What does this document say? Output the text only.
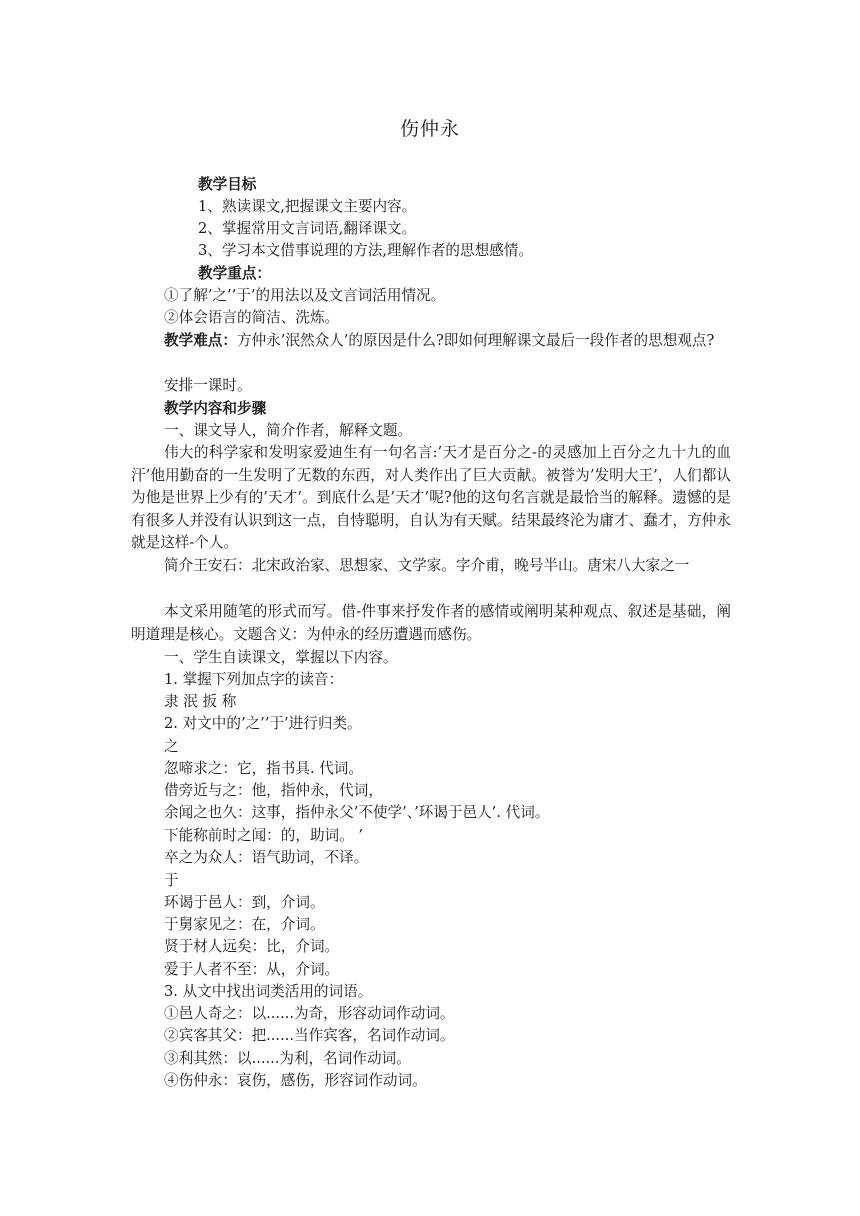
伤仲永
教学目标
1、熟读课文,把握课文主要内容。
2、掌握常用文言词语,翻译课文。
3、学习本文借事说理的方法,理解作者的思想感情。
教学重点：
①了解’之’’于’的用法以及文言词活用情况。
②体会语言的简洁、洗炼。

教学难点：方仲永’泯然众人’的原因是什么?即如何理解课文最后一段作者的思想观点?

安排一课时。
教学内容和步骤
一、课文导人，简介作者，解释文题。

伟大的科学家和发明家爱迪生有一句名言:’天才是百分之-的灵感加上百分之九十九的血汗’他用勤奋的一生发明了无数的东西，对人类作出了巨大贡献。被誉为’发明大王’，人们都认为他是世界上少有的’天才’。到底什么是’天才’呢?他的这句名言就是最恰当的解释。遗憾的是有很多人并没有认识到这一点，自恃聪明，自认为有天赋。结果最终沦为庸才、蠢才，方仲永就是这样-个人。

简介王安石：北宋政治家、思想家、文学家。字介甫，晚号半山。唐宋八大家之一

本文采用随笔的形式而写。借-件事来抒发作者的感情或阐明某种观点、叙述是基础，阐明道理是核心。文题含义：为仲永的经历遭遇而感伤。

一、学生自读课文，掌握以下内容。
1. 掌握下列加点字的读音：
隶 泯 扳 称
2. 对文中的’之’’于’进行归类。
之
忽啼求之：它，指书具. 代词。
借旁近与之：他，指仲永，代词，
余闻之也久：这事，指仲永父’不使学’、’环谒于邑人’. 代词。
下能称前时之闻：的，助词。 ’
卒之为众人：语气助词，不译。
于
环谒于邑人：到，介词。
于舅家见之：在，介词。
贤于材人远矣：比，介词。
爱于人者不至：从，介词。
3. 从文中找出词类活用的词语。
①邑人奇之：以......为奇，形容动词作动词。
②宾客其父：把......当作宾客，名词作动词。
③利其然：以......为利，名词作动词。
④伤仲永：哀伤，感伤，形容词作动词。
